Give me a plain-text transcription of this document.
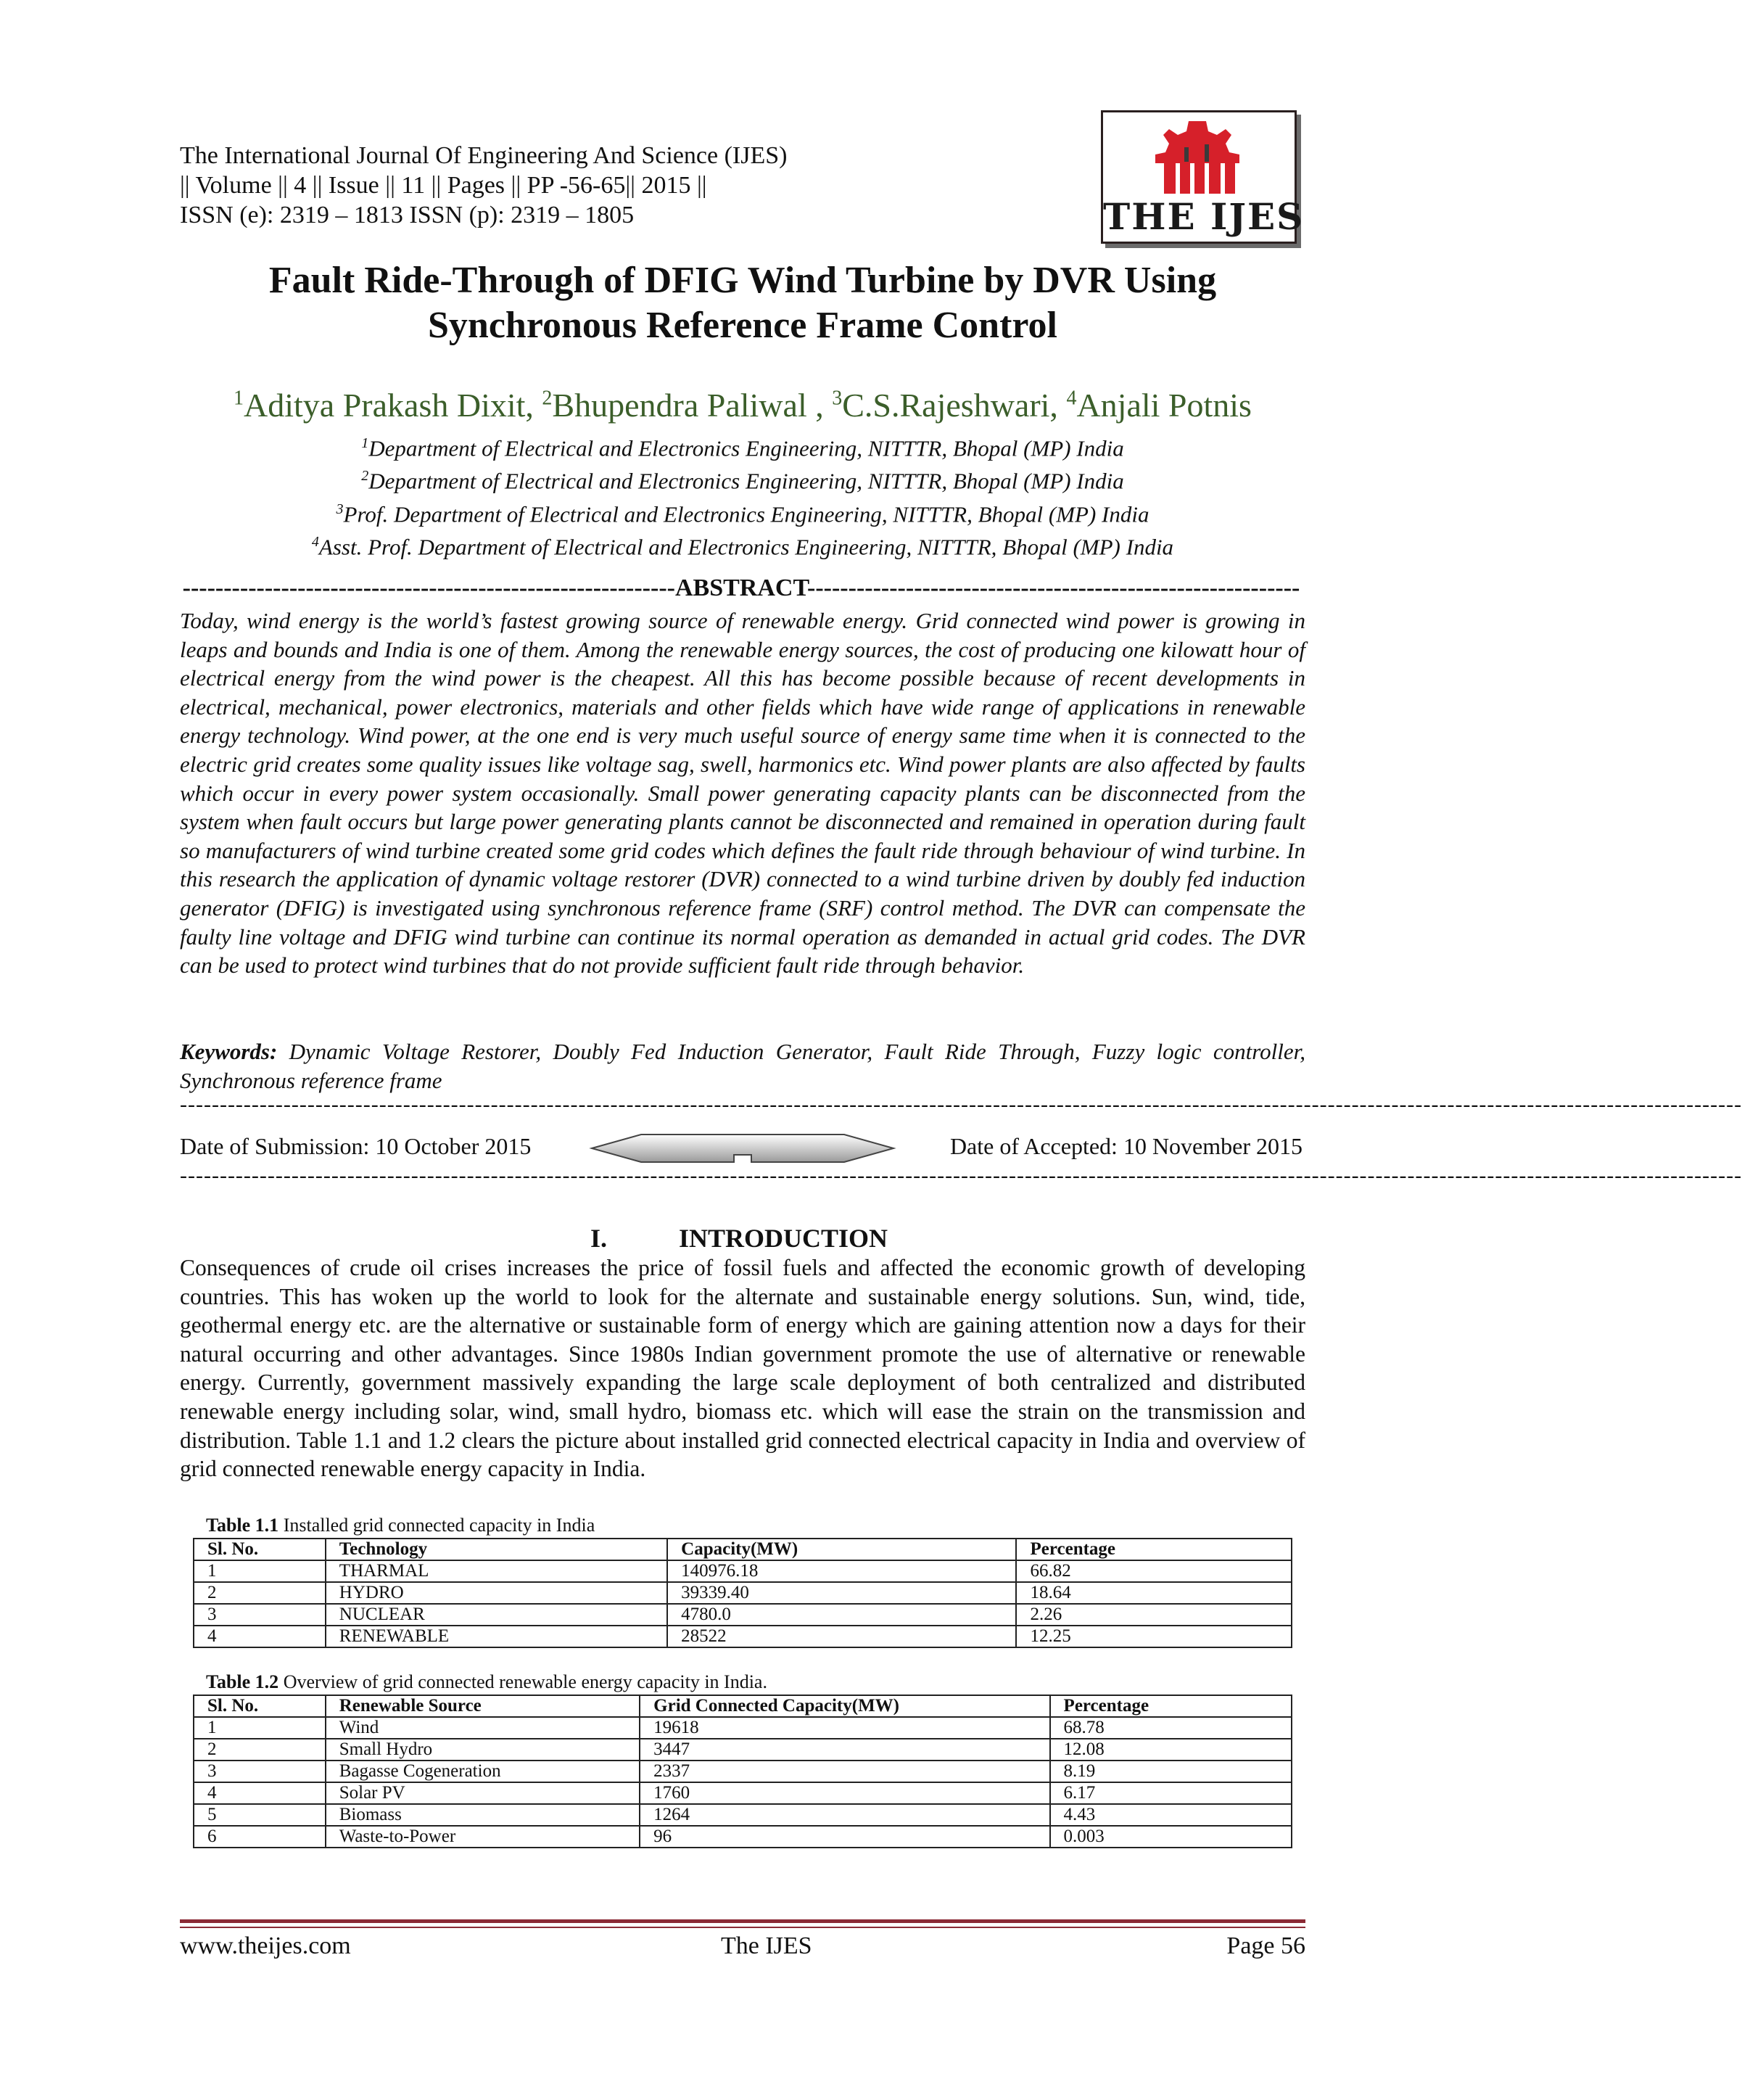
The International Journal Of Engineering And Science (IJES)
|| Volume || 4 || Issue || 11 || Pages || PP -56-65|| 2015 ||
ISSN (e): 2319 – 1813 ISSN (p): 2319 – 1805	THE IJES
Fault Ride-Through of DFIG Wind Turbine by DVR Using
Synchronous Reference Frame Control
$^1$Aditya Prakash Dixit, $^2$Bhupendra Paliwal , $^3$C.S.Rajeshwari, $^4$Anjali Potnis
$^1$Department of Electrical and Electronics Engineering, NITTTR, Bhopal (MP) India
$^2$Department of Electrical and Electronics Engineering, NITTTR, Bhopal (MP) India
$^3$Prof. Department of Electrical and Electronics Engineering, NITTTR, Bhopal (MP) India
$^4$Asst. Prof. Department of Electrical and Electronics Engineering, NITTTR, Bhopal (MP) India
------------------------------------------------------------ABSTRACT------------------------------------------------------------
Today, wind energy is the world’s fastest growing source of renewable energy. Grid connected wind power is growing in leaps and bounds and India is one of them. Among the renewable energy sources, the cost of producing one kilowatt hour of electrical energy from the wind power is the cheapest. All this has become possible because of recent developments in electrical, mechanical, power electronics, materials and other fields which have wide range of applications in renewable energy technology. Wind power, at the one end is very much useful source of energy same time when it is connected to the electric grid creates some quality issues like voltage sag, swell, harmonics etc. Wind power plants are also affected by faults which occur in every power system occasionally. Small power generating capacity plants can be disconnected from the system when fault occurs but large power generating plants cannot be disconnected and remained in operation during fault so manufacturers of wind turbine created some grid codes which defines the fault ride through behaviour of wind turbine. In this research the application of dynamic voltage restorer (DVR) connected to a wind turbine driven by doubly fed induction generator (DFIG) is investigated using synchronous reference frame (SRF) control method. The DVR can compensate the faulty line voltage and DFIG wind turbine can continue its normal operation as demanded in actual grid codes. The DVR can be used to protect wind turbines that do not provide sufficient fault ride through behavior.
Keywords: Dynamic Voltage Restorer, Doubly Fed Induction Generator, Fault Ride Through, Fuzzy logic controller, Synchronous reference frame
----------------------------------------------------------------------------------------------------------------------------------------------------------------------------------------------------
Date of Submission: 10 October 2015	Date of Accepted: 10 November 2015
----------------------------------------------------------------------------------------------------------------------------------------------------------------------------------------------------
I.	INTRODUCTION
Consequences of crude oil crises increases the price of fossil fuels and affected the economic growth of developing countries. This has woken up the world to look for the alternate and sustainable energy solutions. Sun, wind, tide, geothermal energy etc. are the alternative or sustainable form of energy which are gaining attention now a days for their natural occurring and other advantages. Since 1980s Indian government promote the use of alternative or renewable energy. Currently, government massively expanding the large scale deployment of both centralized and distributed renewable energy including solar, wind, small hydro, biomass etc. which will ease the strain on the transmission and distribution. Table 1.1 and 1.2 clears the picture about installed grid connected electrical capacity in India and overview of grid connected renewable energy capacity in India.
Table 1.1 Installed grid connected capacity in India
Sl. No.	Technology	Capacity(MW)	Percentage
1	THARMAL	140976.18	66.82
2	HYDRO	39339.40	18.64
3	NUCLEAR	4780.0	2.26
4	RENEWABLE	28522	12.25
Table 1.2 Overview of grid connected renewable energy capacity in India.
Sl. No.	Renewable Source	Grid Connected Capacity(MW)	Percentage
1	Wind	19618	68.78
2	Small Hydro	3447	12.08
3	Bagasse Cogeneration	2337	8.19
4	Solar PV	1760	6.17
5	Biomass	1264	4.43
6	Waste-to-Power	96	0.003
www.theijes.com	The IJES	Page 56
